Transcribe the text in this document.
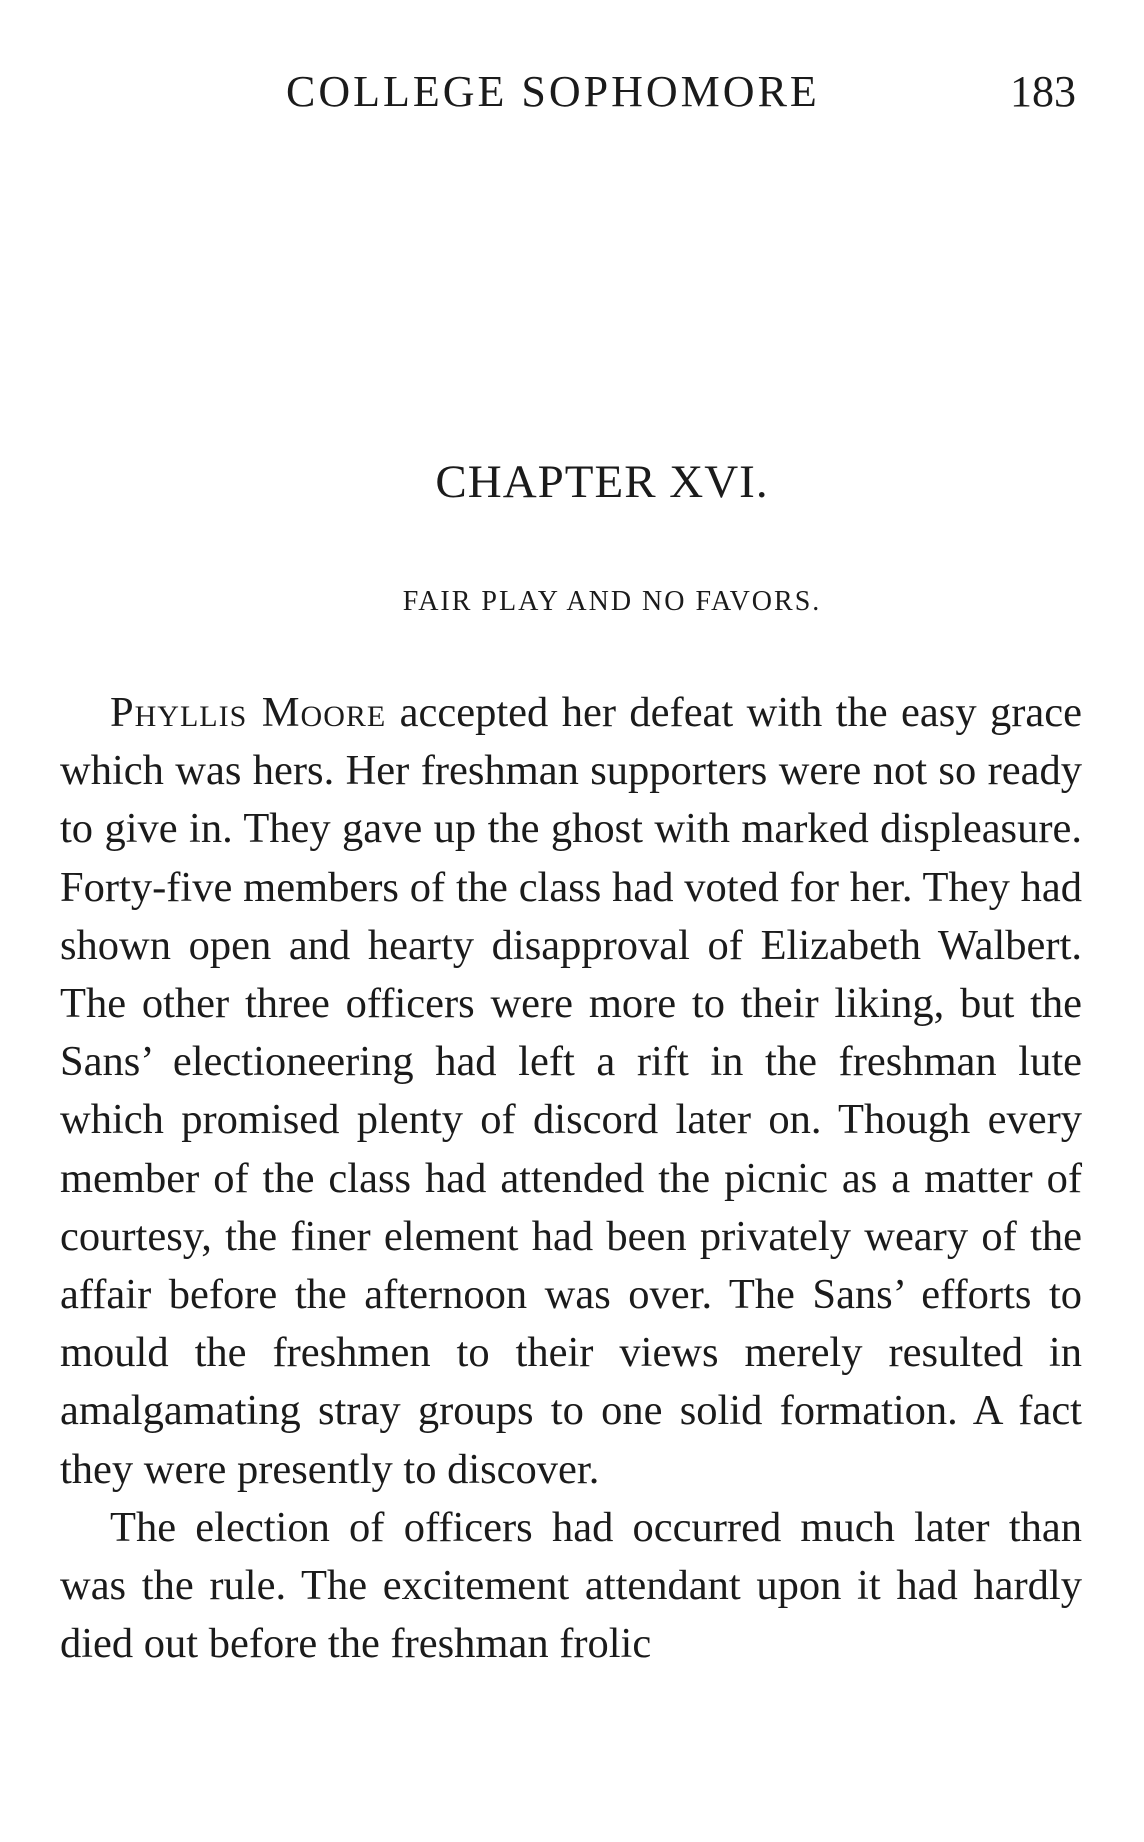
COLLEGE SOPHOMORE	183
CHAPTER XVI.
FAIR PLAY AND NO FAVORS.

Phyllis Moore accepted her defeat with the easy grace which was hers. Her freshman supporters were not so ready to give in. They gave up the ghost with marked displeasure. Forty-five members of the class had voted for her. They had shown open and hearty disapproval of Elizabeth Walbert. The other three officers were more to their liking, but the Sans’ electioneering had left a rift in the freshman lute which promised plenty of discord later on. Though every member of the class had attended the picnic as a matter of courtesy, the finer element had been privately weary of the affair before the afternoon was over. The Sans’ efforts to mould the freshmen to their views merely resulted in amalgamating stray groups to one solid formation. A fact they were presently to discover.

The election of officers had occurred much later than was the rule. The excitement attendant upon it had hardly died out before the freshman frolic
